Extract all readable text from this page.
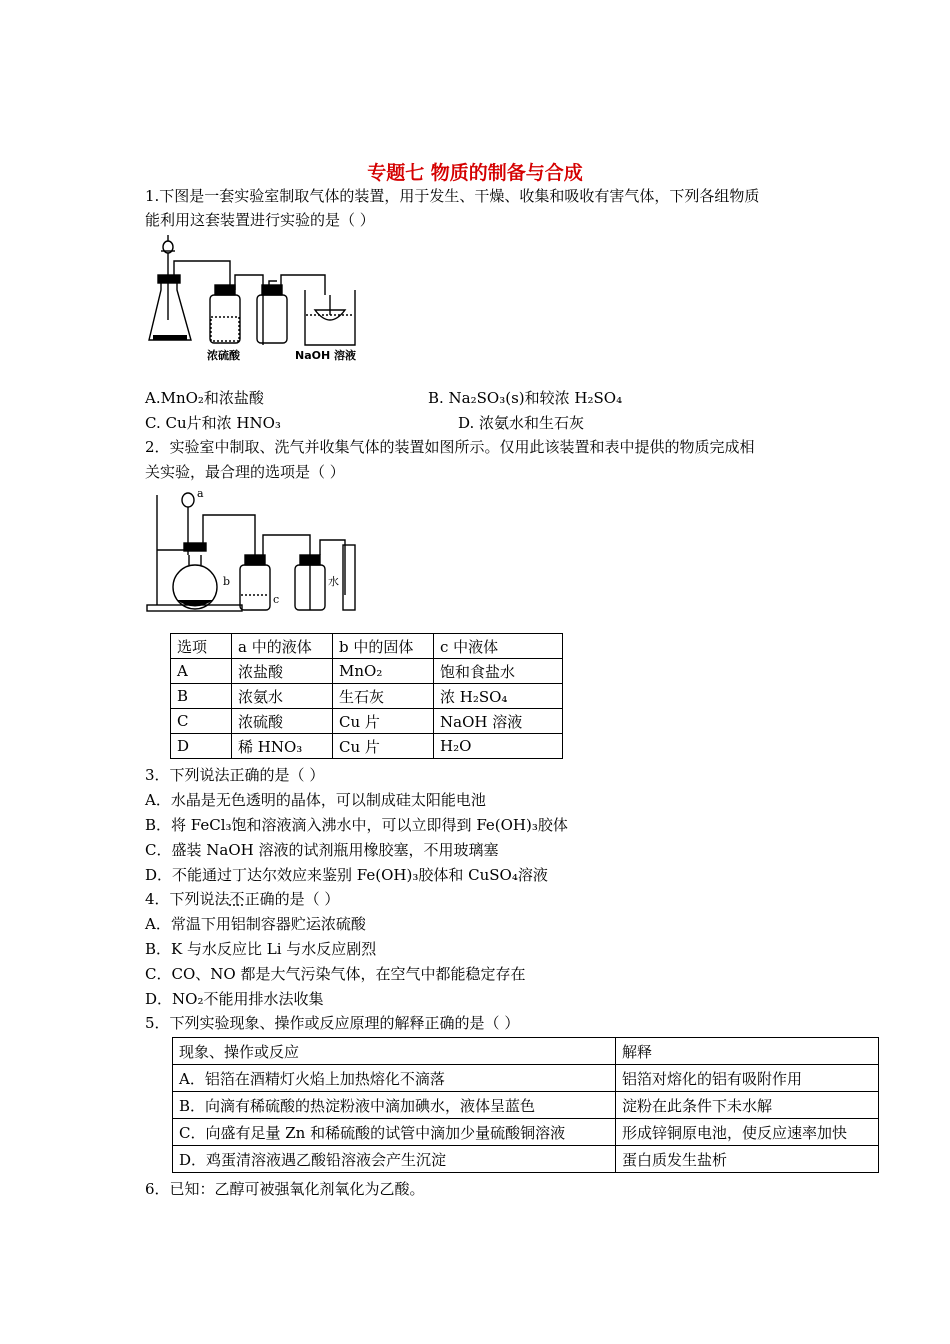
专题七 物质的制备与合成
1.下图是一套实验室制取气体的装置，用于发生、干燥、收集和吸收有害气体，下列各组物质
能利用这套装置进行实验的是（ ）
浓硫酸	NaOH 溶液
A.MnO₂和浓盐酸	B. Na₂SO₃(s)和较浓 H₂SO₄
C. Cu片和浓 HNO₃	D. 浓氨水和生石灰
2．实验室中制取、洗气并收集气体的装置如图所示。仅用此该装置和表中提供的物质完成相
关实验，最合理的选项是（ ）
a
b
c
水
选项	a 中的液体	b 中的固体	c 中液体
A	浓盐酸	MnO₂	饱和食盐水
B	浓氨水	生石灰	浓 H₂SO₄
C	浓硫酸	Cu 片	NaOH 溶液
D	稀 HNO₃	Cu 片	H₂O
3．下列说法正确的是（ ）
A．水晶是无色透明的晶体，可以制成硅太阳能电池
B．将 FeCl₃饱和溶液滴入沸水中，可以立即得到 Fe(OH)₃胶体
C．盛装 NaOH 溶液的试剂瓶用橡胶塞，不用玻璃塞
D．不能通过丁达尔效应来鉴别 Fe(OH)₃胶体和 CuSO₄溶液
4．下列说法不正确的是（ ）
A．常温下用铝制容器贮运浓硫酸
B．K 与水反应比 Li 与水反应剧烈
C．CO、NO 都是大气污染气体，在空气中都能稳定存在
D．NO₂不能用排水法收集
5．下列实验现象、操作或反应原理的解释正确的是（ ）
现象、操作或反应	解释
A．铝箔在酒精灯火焰上加热熔化不滴落	铝箔对熔化的铝有吸附作用
B．向滴有稀硫酸的热淀粉液中滴加碘水，液体呈蓝色	淀粉在此条件下未水解
C．向盛有足量 Zn 和稀硫酸的试管中滴加少量硫酸铜溶液	形成锌铜原电池，使反应速率加快
D．鸡蛋清溶液遇乙酸铅溶液会产生沉淀	蛋白质发生盐析
6．已知：乙醇可被强氧化剂氧化为乙酸。
